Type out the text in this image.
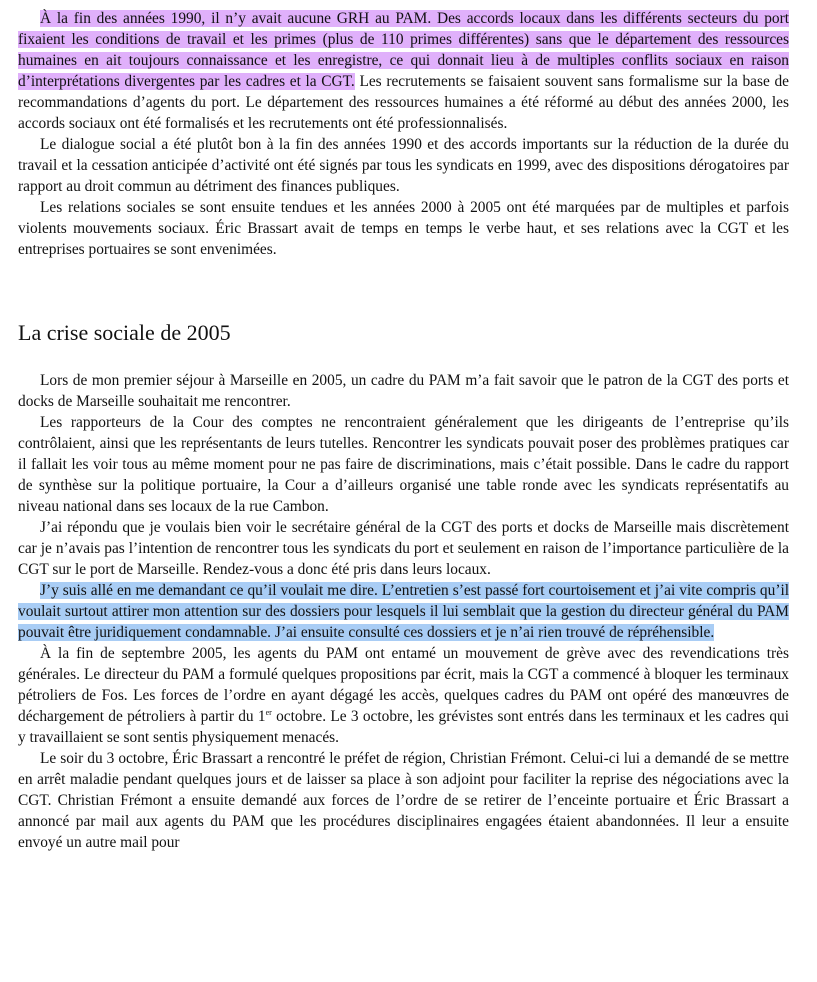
À la fin des années 1990, il n’y avait aucune GRH au PAM. Des accords locaux dans les différents secteurs du port fixaient les conditions de travail et les primes (plus de 110 primes différentes) sans que le département des ressources humaines en ait toujours connaissance et les enregistre, ce qui donnait lieu à de multiples conflits sociaux en raison d’interprétations divergentes par les cadres et la CGT. Les recrutements se faisaient souvent sans formalisme sur la base de recommandations d’agents du port. Le département des ressources humaines a été réformé au début des années 2000, les accords sociaux ont été formalisés et les recrutements ont été professionnalisés.

Le dialogue social a été plutôt bon à la fin des années 1990 et des accords importants sur la réduction de la durée du travail et la cessation anticipée d’activité ont été signés par tous les syndicats en 1999, avec des dispositions dérogatoires par rapport au droit commun au détriment des finances publiques.

Les relations sociales se sont ensuite tendues et les années 2000 à 2005 ont été marquées par de multiples et parfois violents mouvements sociaux. Éric Brassart avait de temps en temps le verbe haut, et ses relations avec la CGT et les entreprises portuaires se sont envenimées.

La crise sociale de 2005

Lors de mon premier séjour à Marseille en 2005, un cadre du PAM m’a fait savoir que le patron de la CGT des ports et docks de Marseille souhaitait me rencontrer.

Les rapporteurs de la Cour des comptes ne rencontraient généralement que les dirigeants de l’entreprise qu’ils contrôlaient, ainsi que les représentants de leurs tutelles. Rencontrer les syndicats pouvait poser des problèmes pratiques car il fallait les voir tous au même moment pour ne pas faire de discriminations, mais c’était possible. Dans le cadre du rapport de synthèse sur la politique portuaire, la Cour a d’ailleurs organisé une table ronde avec les syndicats représentatifs au niveau national dans ses locaux de la rue Cambon.

J’ai répondu que je voulais bien voir le secrétaire général de la CGT des ports et docks de Marseille mais discrètement car je n’avais pas l’intention de rencontrer tous les syndicats du port et seulement en raison de l’importance particulière de la CGT sur le port de Marseille. Rendez-vous a donc été pris dans leurs locaux.

J’y suis allé en me demandant ce qu’il voulait me dire. L’entretien s’est passé fort courtoisement et j’ai vite compris qu’il voulait surtout attirer mon attention sur des dossiers pour lesquels il lui semblait que la gestion du directeur général du PAM pouvait être juridiquement condamnable. J’ai ensuite consulté ces dossiers et je n’ai rien trouvé de répréhensible.

À la fin de septembre 2005, les agents du PAM ont entamé un mouvement de grève avec des revendications très générales. Le directeur du PAM a formulé quelques propositions par écrit, mais la CGT a commencé à bloquer les terminaux pétroliers de Fos. Les forces de l’ordre en ayant dégagé les accès, quelques cadres du PAM ont opéré des manœuvres de déchargement de pétroliers à partir du 1er octobre. Le 3 octobre, les grévistes sont entrés dans les terminaux et les cadres qui y travaillaient se sont sentis physiquement menacés.

Le soir du 3 octobre, Éric Brassart a rencontré le préfet de région, Christian Frémont. Celui-ci lui a demandé de se mettre en arrêt maladie pendant quelques jours et de laisser sa place à son adjoint pour faciliter la reprise des négociations avec la CGT. Christian Frémont a ensuite demandé aux forces de l’ordre de se retirer de l’enceinte portuaire et Éric Brassart a annoncé par mail aux agents du PAM que les procédures disciplinaires engagées étaient abandonnées. Il leur a ensuite envoyé un autre mail pour
